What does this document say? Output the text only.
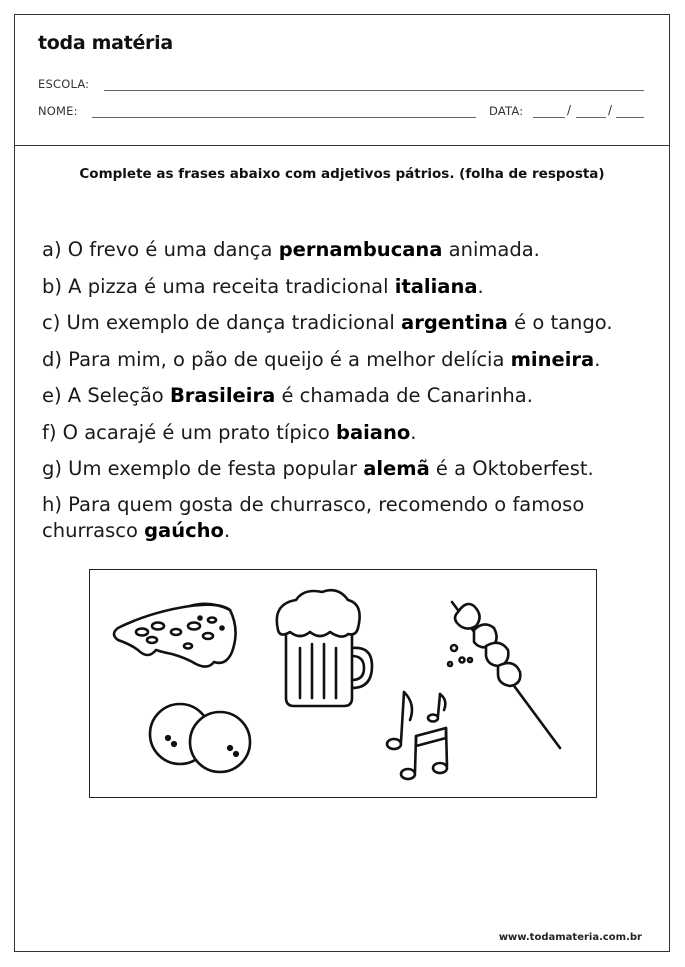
toda matéria
ESCOLA:
NOME:	DATA:	/	/
Complete as frases abaixo com adjetivos pátrios. (folha de resposta)
a) O frevo é uma dança pernambucana animada.
b) A pizza é uma receita tradicional italiana.
c) Um exemplo de dança tradicional argentina é o tango.
d) Para mim, o pão de queijo é a melhor delícia mineira.
e) A Seleção Brasileira é chamada de Canarinha.
f) O acarajé é um prato típico baiano.
g) Um exemplo de festa popular alemã é a Oktoberfest.
h) Para quem gosta de churrasco, recomendo o famoso churrasco gaúcho.
www.todamateria.com.br
